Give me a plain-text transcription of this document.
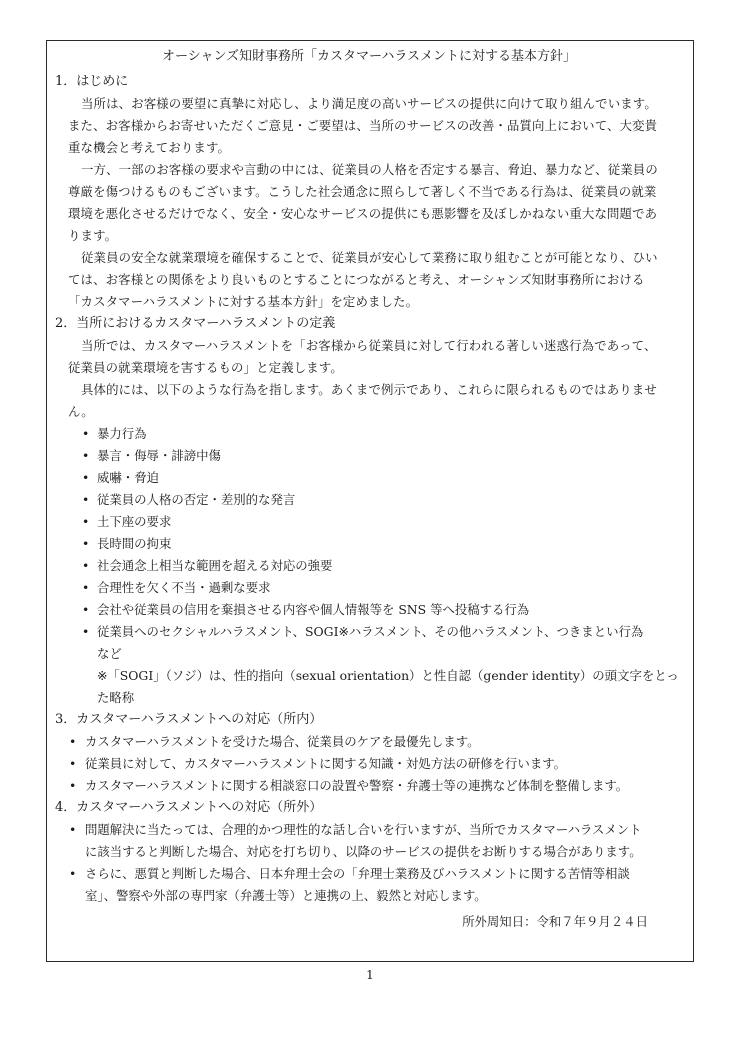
オーシャンズ知財事務所「カスタマーハラスメントに対する基本方針」
1．はじめに

当所は、お客様の要望に真摯に対応し、より満足度の高いサービスの提供に向けて取り組んでいます。
また、お客様からお寄せいただくご意見・ご要望は、当所のサービスの改善・品質向上において、大変貴
重な機会と考えております。

一方、一部のお客様の要求や言動の中には、従業員の人格を否定する暴言、脅迫、暴力など、従業員の
尊厳を傷つけるものもございます。こうした社会通念に照らして著しく不当である行為は、従業員の就業
環境を悪化させるだけでなく、安全・安心なサービスの提供にも悪影響を及ぼしかねない重大な問題であ
ります。

従業員の安全な就業環境を確保することで、従業員が安心して業務に取り組むことが可能となり、ひい
ては、お客様との関係をより良いものとすることにつながると考え、オーシャンズ知財事務所における
「カスタマーハラスメントに対する基本方針」を定めました。

2．当所におけるカスタマーハラスメントの定義

当所では、カスタマーハラスメントを「お客様から従業員に対して行われる著しい迷惑行為であって、
従業員の就業環境を害するもの」と定義します。

具体的には、以下のような行為を指します。あくまで例示であり、これらに限られるものではありませ
ん。

• 暴力行為
• 暴言・侮辱・誹謗中傷
• 威嚇・脅迫
• 従業員の人格の否定・差別的な発言
• 土下座の要求
• 長時間の拘束
• 社会通念上相当な範囲を超える対応の強要
• 合理性を欠く不当・過剰な要求
• 会社や従業員の信用を棄損させる内容や個人情報等を SNS 等へ投稿する行為
• 従業員へのセクシャルハラスメント、SOGI※ハラスメント、その他ハラスメント、つきまとい行為
など

※「SOGI」（ソジ）は、性的指向（sexual orientation）と性自認（gender identity）の頭文字をとっ
た略称

3．カスタマーハラスメントへの対応（所内）
• カスタマーハラスメントを受けた場合、従業員のケアを最優先します。
• 従業員に対して、カスタマーハラスメントに関する知識・対処方法の研修を行います。
• カスタマーハラスメントに関する相談窓口の設置や警察・弁護士等の連携など体制を整備します。
4．カスタマーハラスメントへの対応（所外）
• 問題解決に当たっては、合理的かつ理性的な話し合いを行いますが、当所でカスタマーハラスメント
に該当すると判断した場合、対応を打ち切り、以降のサービスの提供をお断りする場合があります。
• さらに、悪質と判断した場合、日本弁理士会の「弁理士業務及びハラスメントに関する苦情等相談
室」、警察や外部の専門家（弁護士等）と連携の上、毅然と対応します。
所外周知日：令和７年９月２４日
1
